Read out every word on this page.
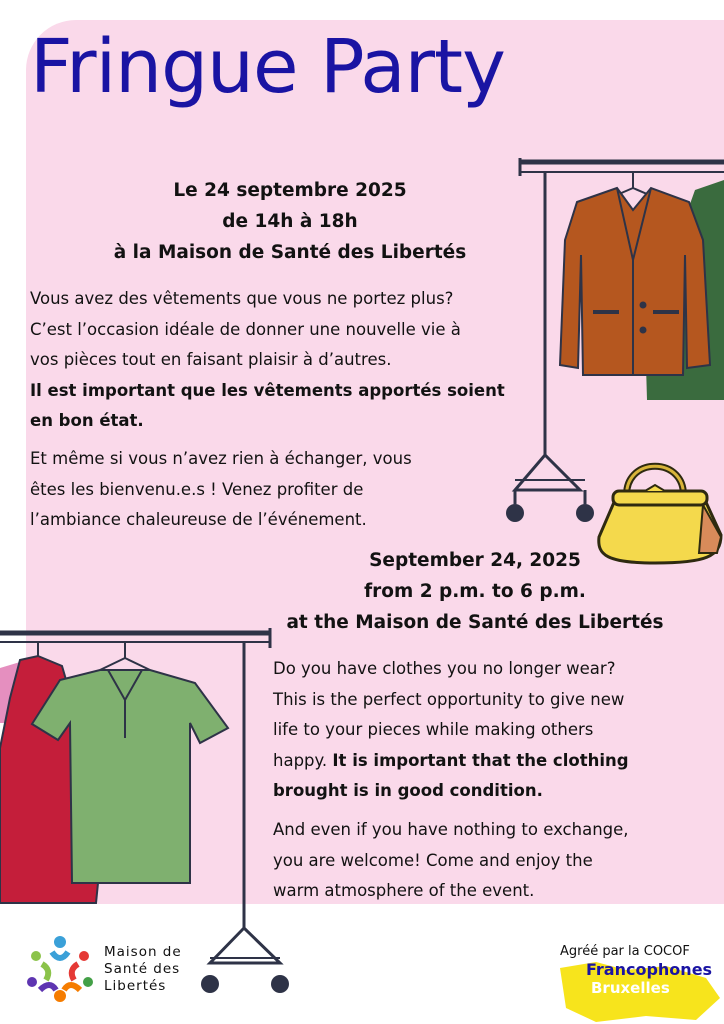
Fringue Party
Le 24 septembre 2025
de 14h à 18h
à la Maison de Santé des Libertés
Vous avez des vêtements que vous ne portez plus?
C’est l’occasion idéale de donner une nouvelle vie à
vos pièces tout en faisant plaisir à d’autres.
Il est important que les vêtements apportés soient
en bon état.
Et même si vous n’avez rien à échanger, vous
êtes les bienvenu.e.s ! Venez profiter de
l’ambiance chaleureuse de l’événement.
September 24, 2025
from 2 p.m. to 6 p.m.
at the Maison de Santé des Libertés
Do you have clothes you no longer wear?
This is the perfect opportunity to give new
life to your pieces while making others
happy. It is important that the clothing
brought is in good condition.
And even if you have nothing to exchange,
you are welcome! Come and enjoy the
warm atmosphere of the event.
Maison de
Santé des
Libertés
Agréé par la COCOF
Francophones
Bruxelles
